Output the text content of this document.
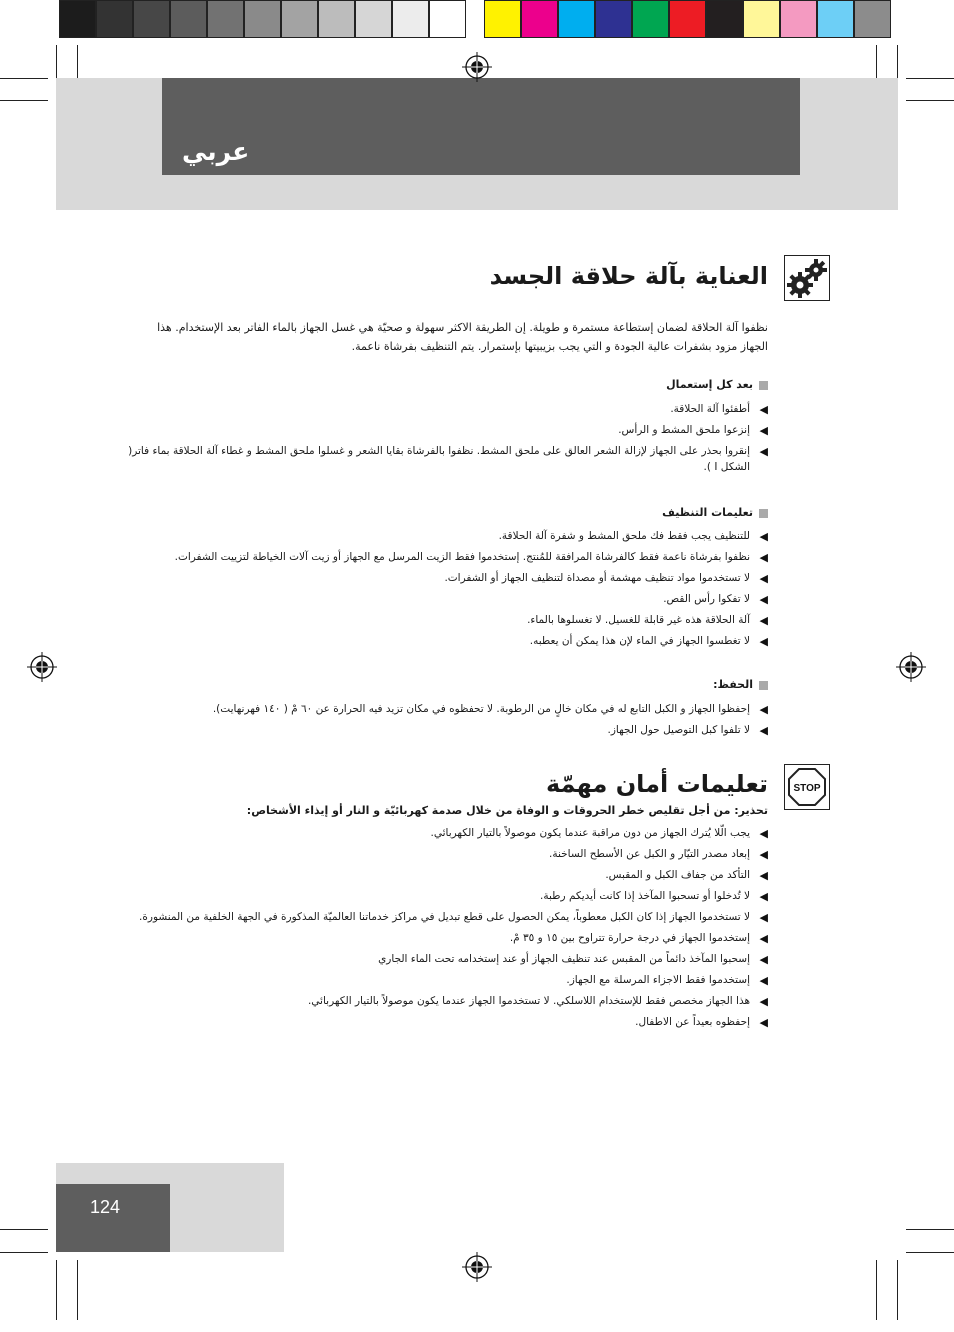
عربي
العناية بآلة حلاقة الجسد
نظفوا آلة الحلاقة لضمان إستطاعة مستمرة و طويلة. إن الطريقة الاكثر سهولة و صحيّة هي غسل الجهاز بالماء الفاتر بعد الإستخدام. هذا الجهاز مزود بشفرات عالية الجودة و التي يجب بزيبيتها بإستمرار. يتم التنظيف بفرشاة ناعمة.
بعد كل إستعمال
◀
أطفئوا آلة الحلاقة.
◀
إنزعوا ملحق المشط و الرأس.
◀
إنقروا بحذر على الجهاز لإزالة الشعر العالق على ملحق المشط. نظفوا بالفرشاة بقايا الشعر و غسلوا ملحق المشط و غطاء آلة الحلاقة بماء فاتر( الشكل I ).
تعليمات التنظيف
◀
للتنظيف يجب فقط فك ملحق المشط و شفرة آلة الحلاقة.
◀
نظفوا بفرشاة ناعمة فقط كالفرشاة المرافقة للمُنتج. إستخدموا فقط الزيت المرسل مع الجهاز أو زيت آلات الخياطة لتزييت الشفرات.
◀
لا تستخدموا مواد تنظيف مهشمة أو مصداة لتنظيف الجهاز أو الشفرات.
◀
لا تفكوا رأس القص.
◀
آلة الحلاقة هذه غير قابلة للغسيل. لا تغسلوها بالماء.
◀
لا تغطسوا الجهاز في الماء لإن هذا يمكن أن يعطبه.
الحفظ:
◀
إحفظوا الجهاز و الكبل التابع له في مكان خالٍ من الرطوبة. لا تحفظوه في مكان تزيد فيه الحرارة عن ٦٠ مْ ( ١٤٠ فهرنهايت).
◀
لا تلفوا كبل التوصيل حول الجهاز.
STOP
تعليمات أمان مهمّة
تحذير: من أجل تقليص خطر الحروقات و الوفاة من خلال صدمة كهربائيّة و النار أو إيذاء الأشخاص:
◀
يجب الّلا يُترك الجهاز من دون مراقبة عندما يكون موصولاً بالتيار الكهربائي.
◀
إبعاد مصدر التيّار و الكبل عن الأسطح الساخنة.
◀
التأكد من جفاف الكبل و المقبس.
◀
لا تُدخلوا أو تسحبوا المآخذ إذا كانت أيديكم رطبة.
◀
لا تستخدموا الجهاز إذا كان الكبل معطوباً، يمكن الحصول على قطع تبديل في مراكز خدماتنا العالميّة المذكورة في الجهة الخلفية من المنشورة.
◀
إستخدموا الجهاز في درجة حرارة تتراوح بين ١٥ و ٣٥ مْ.
◀
إسحبوا المآخذ دائماً من المقبس عند تنظيف الجهاز أو عند إستخدامه تحت الماء الجاري
◀
إستخدموا فقط الاجزاء المرسلة مع الجهاز.
◀
هذا الجهاز مخصص فقط للإستخدام اللاسلكي. لا تستخدموا الجهاز عندما يكون موصولاً بالتيار الكهربائي.
◀
إحفظوه بعيداً عن الاطفال.
124
